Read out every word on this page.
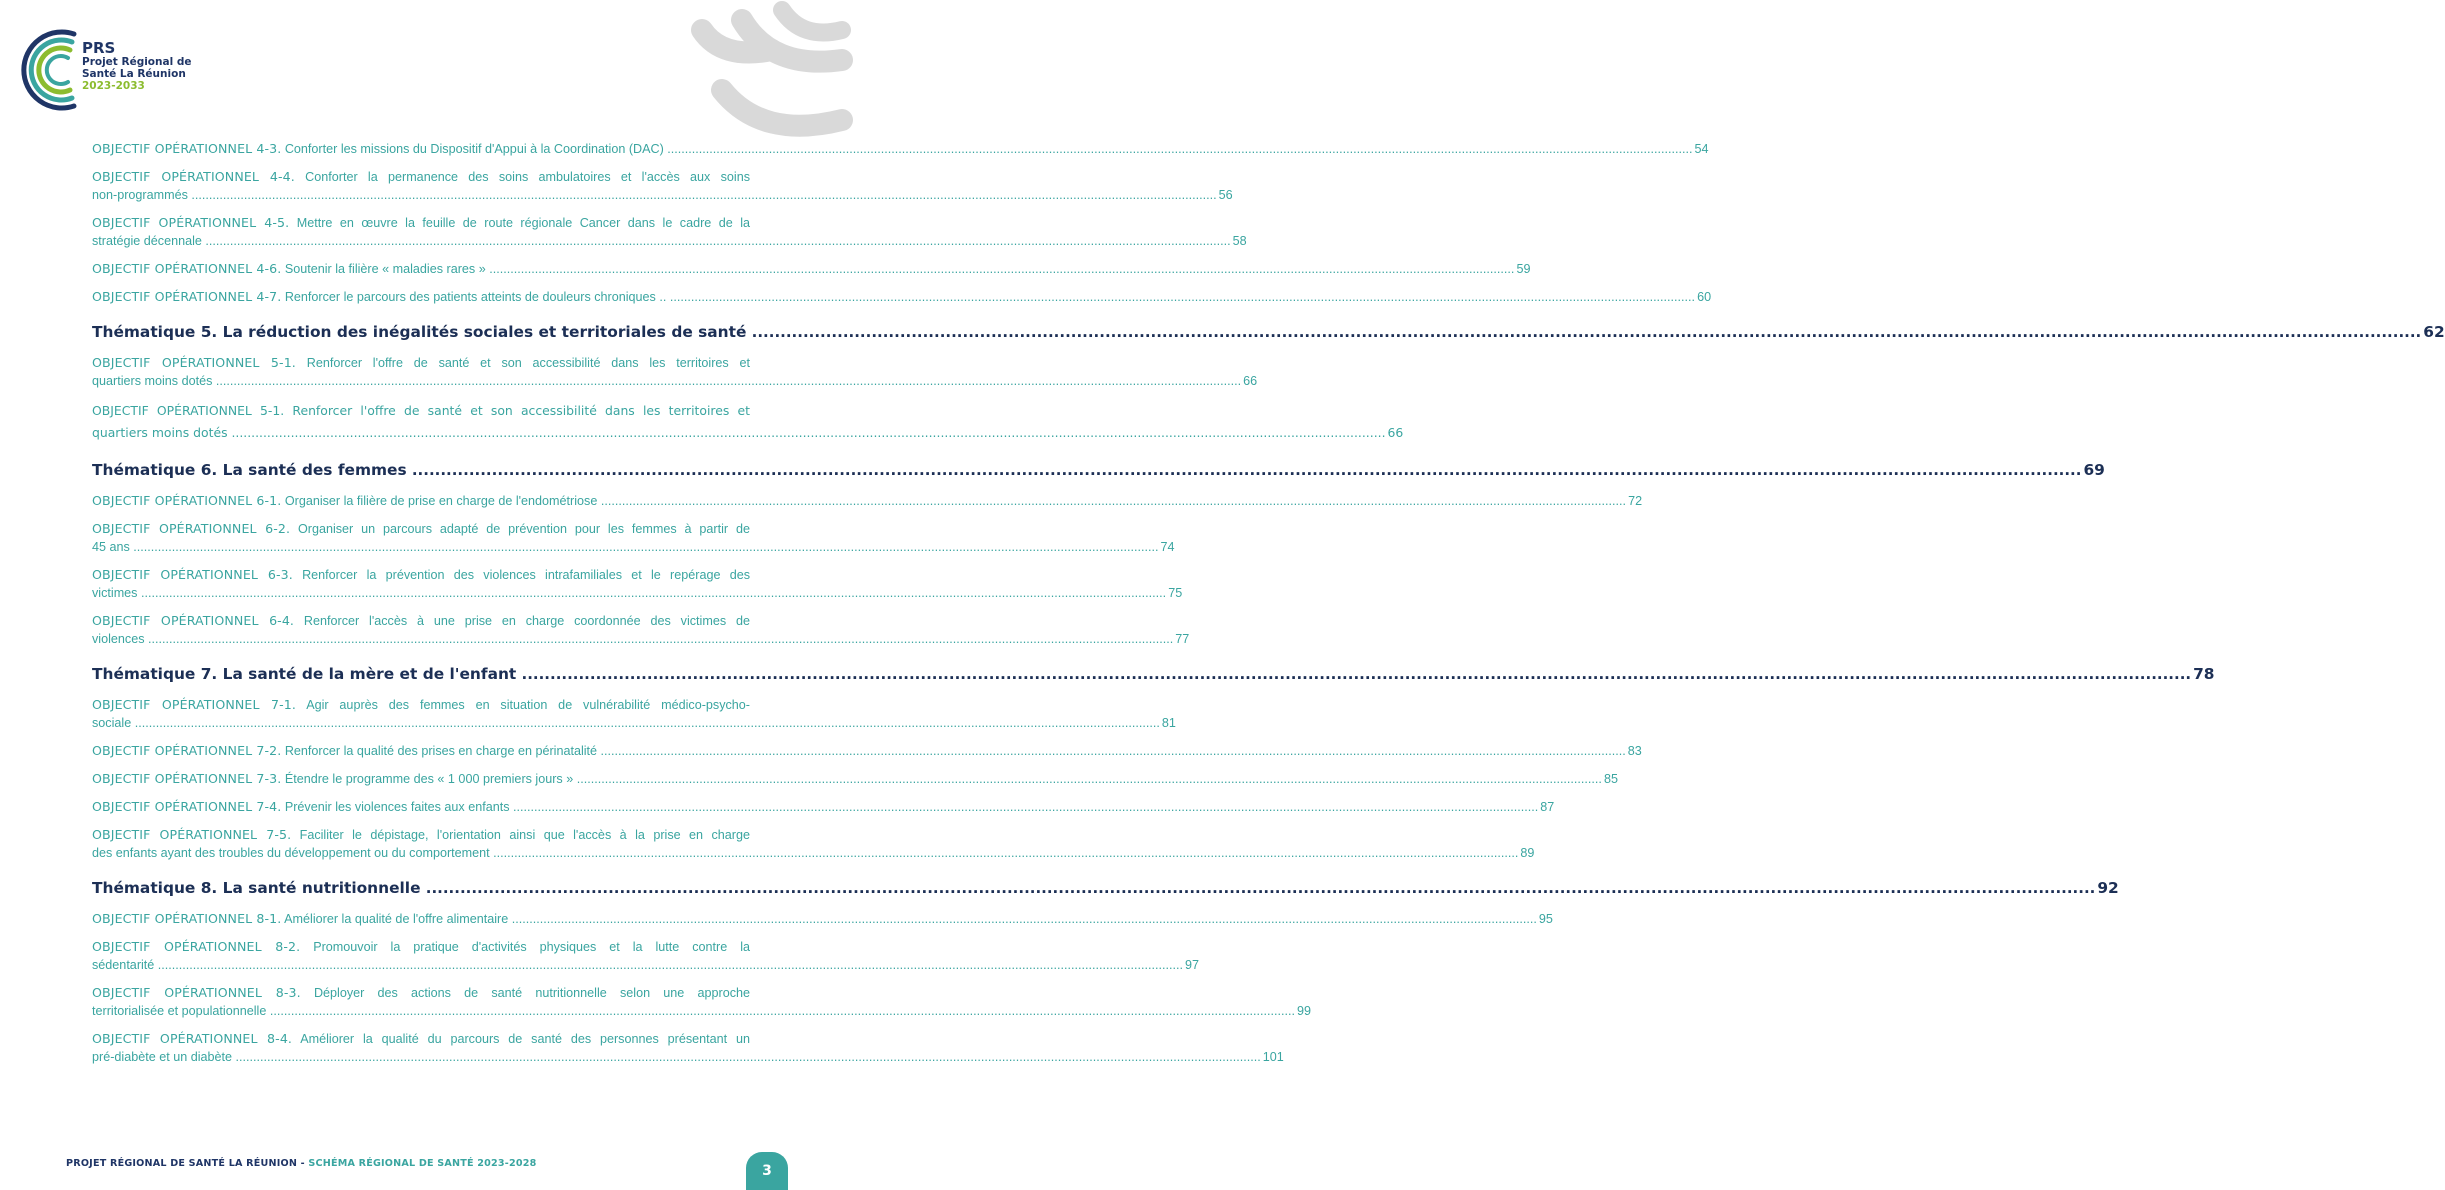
PRS
Projet Régional de
Santé La Réunion
2023-2033
OBJECTIF OPÉRATIONNEL 4-3. Conforter les missions du Dispositif d'Appui à la Coordination (DAC) .....	54
OBJECTIF OPÉRATIONNEL 4-4. Conforter la permanence des soins ambulatoires et l'accès aux soins
non-programmés .....	56
OBJECTIF OPÉRATIONNEL 4-5. Mettre en œuvre la feuille de route régionale Cancer dans le cadre de la
stratégie décennale .....	58
OBJECTIF OPÉRATIONNEL 4-6. Soutenir la filière « maladies rares » .....	59
OBJECTIF OPÉRATIONNEL 4-7. Renforcer le parcours des patients atteints de douleurs chroniques .. .....	60
Thématique 5. La réduction des inégalités sociales et territoriales de santé .....	62
OBJECTIF OPÉRATIONNEL 5-1. Renforcer l'offre de santé et son accessibilité dans les territoires et
quartiers moins dotés .....	66
OBJECTIF OPÉRATIONNEL 5-1. Renforcer l'offre de santé et son accessibilité dans les territoires et
quartiers moins dotés .....	66
Thématique 6. La santé des femmes .....	69
OBJECTIF OPÉRATIONNEL 6-1. Organiser la filière de prise en charge de l'endométriose .....	72
OBJECTIF OPÉRATIONNEL 6-2. Organiser un parcours adapté de prévention pour les femmes à partir de
45 ans .....	74
OBJECTIF OPÉRATIONNEL 6-3. Renforcer la prévention des violences intrafamiliales et le repérage des
victimes .....	75
OBJECTIF OPÉRATIONNEL 6-4. Renforcer l'accès à une prise en charge coordonnée des victimes de
violences .....	77
Thématique 7. La santé de la mère et de l'enfant .....	78
OBJECTIF OPÉRATIONNEL 7-1. Agir auprès des femmes en situation de vulnérabilité médico-psycho-
sociale .....	81
OBJECTIF OPÉRATIONNEL 7-2. Renforcer la qualité des prises en charge en périnatalité .....	83
OBJECTIF OPÉRATIONNEL 7-3. Étendre le programme des « 1 000 premiers jours » .....	85
OBJECTIF OPÉRATIONNEL 7-4. Prévenir les violences faites aux enfants .....	87
OBJECTIF OPÉRATIONNEL 7-5. Faciliter le dépistage, l'orientation ainsi que l'accès à la prise en charge
des enfants ayant des troubles du développement ou du comportement .....	89
Thématique 8. La santé nutritionnelle .....	92
OBJECTIF OPÉRATIONNEL 8-1. Améliorer la qualité de l'offre alimentaire .....	95
OBJECTIF OPÉRATIONNEL 8-2. Promouvoir la pratique d'activités physiques et la lutte contre la
sédentarité .....	97
OBJECTIF OPÉRATIONNEL 8-3. Déployer des actions de santé nutritionnelle selon une approche
territorialisée et populationnelle .....	99
OBJECTIF OPÉRATIONNEL 8-4. Améliorer la qualité du parcours de santé des personnes présentant un
pré-diabète et un diabète .....	101
PROJET RÉGIONAL DE SANTÉ LA RÉUNION - SCHÉMA RÉGIONAL DE SANTÉ 2023-2028	3
